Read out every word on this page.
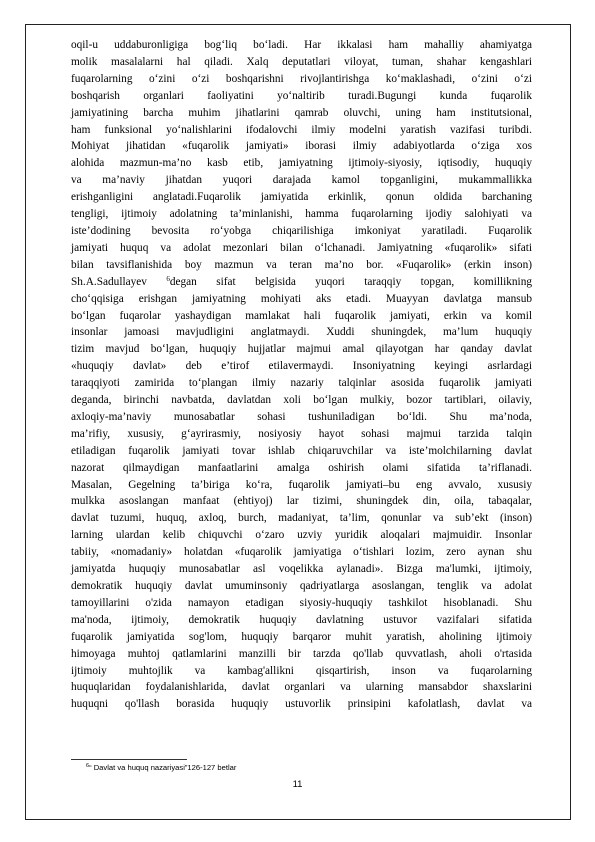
oqil-u uddaburonligiga bog‘liq bo‘ladi. Har ikkalasi ham mahalliy ahamiyatga

molik masalalarni hal qiladi. Xalq deputatlari viloyat, tuman, shahar kengashlari

fuqarolarning o‘zini o‘zi boshqarishni rivojlantirishga ko‘maklashadi, o‘zini o‘zi

boshqarish organlari faoliyatini yo‘naltirib turadi.Bugungi kunda fuqarolik

jamiyatining barcha muhim jihatlarini qamrab oluvchi, uning ham institutsional,

ham funksional yo‘nalishlarini ifodalovchi ilmiy modelni yaratish vazifasi turibdi.

Mohiyat jihatidan «fuqarolik jamiyati» iborasi ilmiy adabiyotlarda o‘ziga xos

alohida mazmun-ma’no kasb etib, jamiyatning ijtimoiy-siyosiy, iqtisodiy, huquqiy

va ma’naviy jihatdan yuqori darajada kamol topganligini, mukammallikka

erishganligini anglatadi.Fuqarolik jamiyatida erkinlik, qonun oldida barchaning

tengligi, ijtimoiy adolatning ta’minlanishi, hamma fuqarolarning ijodiy salohiyati va

iste’dodining bevosita ro‘yobga chiqarilishiga imkoniyat yaratiladi. Fuqarolik

jamiyati huquq va adolat mezonlari bilan o‘lchanadi. Jamiyatning «fuqarolik» sifati

bilan tavsiflanishida boy mazmun va teran ma’no bor. «Fuqarolik» (erkin inson)

Sh.A.Sadullayev $^6$degan sifat belgisida yuqori taraqqiy topgan, komillikning

cho‘qqisiga erishgan jamiyatning mohiyati aks etadi. Muayyan davlatga mansub

bo‘lgan fuqarolar yashaydigan mamlakat hali fuqarolik jamiyati, erkin va komil

insonlar jamoasi mavjudligini anglatmaydi. Xuddi shuningdek, ma’lum huquqiy

tizim mavjud bo‘lgan, huquqiy hujjatlar majmui amal qilayotgan har qanday davlat

«huquqiy davlat» deb e’tirof etilavermaydi. Insoniyatning keyingi asrlardagi

taraqqiyoti zamirida to‘plangan ilmiy nazariy talqinlar asosida fuqarolik jamiyati

deganda, birinchi navbatda, davlatdan xoli bo‘lgan mulkiy, bozor tartiblari, oilaviy,

axloqiy-ma’naviy munosabatlar sohasi tushuniladigan bo‘ldi. Shu ma’noda,

ma’rifiy, xususiy, g‘ayrirasmiy, nosiyosiy hayot sohasi majmui tarzida talqin

etiladigan fuqarolik jamiyati tovar ishlab chiqaruvchilar va iste’molchilarning davlat

nazorat qilmaydigan manfaatlarini amalga oshirish olami sifatida ta’riflanadi.

Masalan, Gegelning ta’biriga ko‘ra, fuqarolik jamiyati–bu eng avvalo, xususiy

mulkka asoslangan manfaat (ehtiyoj) lar tizimi, shuningdek din, oila, tabaqalar,

davlat tuzumi, huquq, axloq, burch, madaniyat, ta’lim, qonunlar va sub’ekt (inson)

larning ulardan kelib chiquvchi o‘zaro uzviy yuridik aloqalari majmuidir. Insonlar

tabiiy, «nomadaniy» holatdan «fuqarolik jamiyatiga o‘tishlari lozim, zero aynan shu

jamiyatda huquqiy munosabatlar asl voqelikka aylanadi». Bizga ma'lumki, ijtimoiy,

demokratik huquqiy davlat umuminsoniy qadriyatlarga asoslangan, tenglik va adolat

tamoyillarini o'zida namayon etadigan siyosiy-huquqiy tashkilot hisoblanadi. Shu

ma'noda, ijtimoiy, demokratik huquqiy davlatning ustuvor vazifalari sifatida

fuqarolik jamiyatida sog'lom, huquqiy barqaror muhit yaratish, aholining ijtimoiy

himoyaga muhtoj qatlamlarini manzilli bir tarzda qo'llab quvvatlash, aholi o'rtasida

ijtimoiy muhtojlik va kambag'allikni qisqartirish, inson va fuqarolarning

huquqlaridan foydalanishlarida, davlat organlari va ularning mansabdor shaxslarini

huquqni qo'llash borasida huquqiy ustuvorlik prinsipini kafolatlash, davlat va

$^6$“ Davlat va huquq nazariyasi”126-127 betlar
11
